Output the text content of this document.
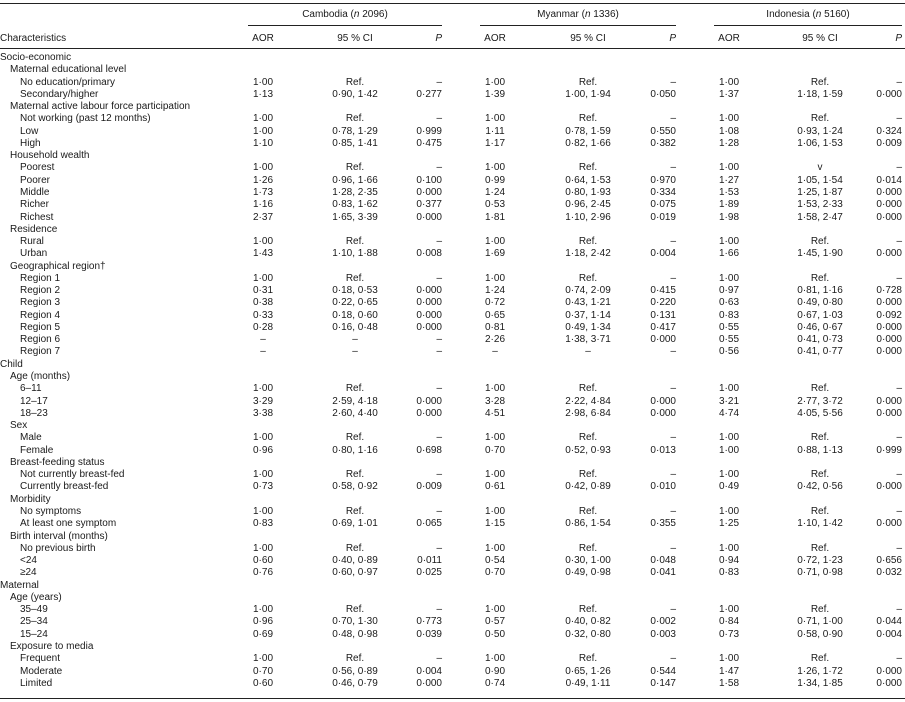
Cambodia (n 2096)	Myanmar (n 1336)	Indonesia (n 5160)
Characteristics	AOR	95 % CI	P	AOR	95 % CI	P	AOR	95 % CI	P
Socio-economic
Maternal educational level
No education/primary	1·00	Ref.	–	1·00	Ref.	–	1·00	Ref.	–
Secondary/higher	1·13	0·90, 1·42	0·277	1·39	1·00, 1·94	0·050	1·37	1·18, 1·59	0·000
Maternal active labour force participation
Not working (past 12 months)	1·00	Ref.	–	1·00	Ref.	–	1·00	Ref.	–
Low	1·00	0·78, 1·29	0·999	1·11	0·78, 1·59	0·550	1·08	0·93, 1·24	0·324
High	1·10	0·85, 1·41	0·475	1·17	0·82, 1·66	0·382	1·28	1·06, 1·53	0·009
Household wealth
Poorest	1·00	Ref.	–	1·00	Ref.	–	1·00	v	–
Poorer	1·26	0·96, 1·66	0·100	0·99	0·64, 1·53	0·970	1·27	1·05, 1·54	0·014
Middle	1·73	1·28, 2·35	0·000	1·24	0·80, 1·93	0·334	1·53	1·25, 1·87	0·000
Richer	1·16	0·83, 1·62	0·377	0·53	0·96, 2·45	0·075	1·89	1·53, 2·33	0·000
Richest	2·37	1·65, 3·39	0·000	1·81	1·10, 2·96	0·019	1·98	1·58, 2·47	0·000
Residence
Rural	1·00	Ref.	–	1·00	Ref.	–	1·00	Ref.	–
Urban	1·43	1·10, 1·88	0·008	1·69	1·18, 2·42	0·004	1·66	1·45, 1·90	0·000
Geographical region†
Region 1	1·00	Ref.	–	1·00	Ref.	–	1·00	Ref.	–
Region 2	0·31	0·18, 0·53	0·000	1·24	0·74, 2·09	0·415	0·97	0·81, 1·16	0·728
Region 3	0·38	0·22, 0·65	0·000	0·72	0·43, 1·21	0·220	0·63	0·49, 0·80	0·000
Region 4	0·33	0·18, 0·60	0·000	0·65	0·37, 1·14	0·131	0·83	0·67, 1·03	0·092
Region 5	0·28	0·16, 0·48	0·000	0·81	0·49, 1·34	0·417	0·55	0·46, 0·67	0·000
Region 6	–	–	–	2·26	1·38, 3·71	0·000	0·55	0·41, 0·73	0·000
Region 7	–	–	–	–	–	–	0·56	0·41, 0·77	0·000
Child
Age (months)
6–11	1·00	Ref.	–	1·00	Ref.	–	1·00	Ref.	–
12–17	3·29	2·59, 4·18	0·000	3·28	2·22, 4·84	0·000	3·21	2·77, 3·72	0·000
18–23	3·38	2·60, 4·40	0·000	4·51	2·98, 6·84	0·000	4·74	4·05, 5·56	0·000
Sex
Male	1·00	Ref.	–	1·00	Ref.	–	1·00	Ref.	–
Female	0·96	0·80, 1·16	0·698	0·70	0·52, 0·93	0·013	1·00	0·88, 1·13	0·999
Breast-feeding status
Not currently breast-fed	1·00	Ref.	–	1·00	Ref.	–	1·00	Ref.	–
Currently breast-fed	0·73	0·58, 0·92	0·009	0·61	0·42, 0·89	0·010	0·49	0·42, 0·56	0·000
Morbidity
No symptoms	1·00	Ref.	–	1·00	Ref.	–	1·00	Ref.	–
At least one symptom	0·83	0·69, 1·01	0·065	1·15	0·86, 1·54	0·355	1·25	1·10, 1·42	0·000
Birth interval (months)
No previous birth	1·00	Ref.	–	1·00	Ref.	–	1·00	Ref.	–
<24	0·60	0·40, 0·89	0·011	0·54	0·30, 1·00	0·048	0·94	0·72, 1·23	0·656
≥24	0·76	0·60, 0·97	0·025	0·70	0·49, 0·98	0·041	0·83	0·71, 0·98	0·032
Maternal
Age (years)
35–49	1·00	Ref.	–	1·00	Ref.	–	1·00	Ref.	–
25–34	0·96	0·70, 1·30	0·773	0·57	0·40, 0·82	0·002	0·84	0·71, 1·00	0·044
15–24	0·69	0·48, 0·98	0·039	0·50	0·32, 0·80	0·003	0·73	0·58, 0·90	0·004
Exposure to media
Frequent	1·00	Ref.	–	1·00	Ref.	–	1·00	Ref.	–
Moderate	0·70	0·56, 0·89	0·004	0·90	0·65, 1·26	0·544	1·47	1·26, 1·72	0·000
Limited	0·60	0·46, 0·79	0·000	0·74	0·49, 1·11	0·147	1·58	1·34, 1·85	0·000
